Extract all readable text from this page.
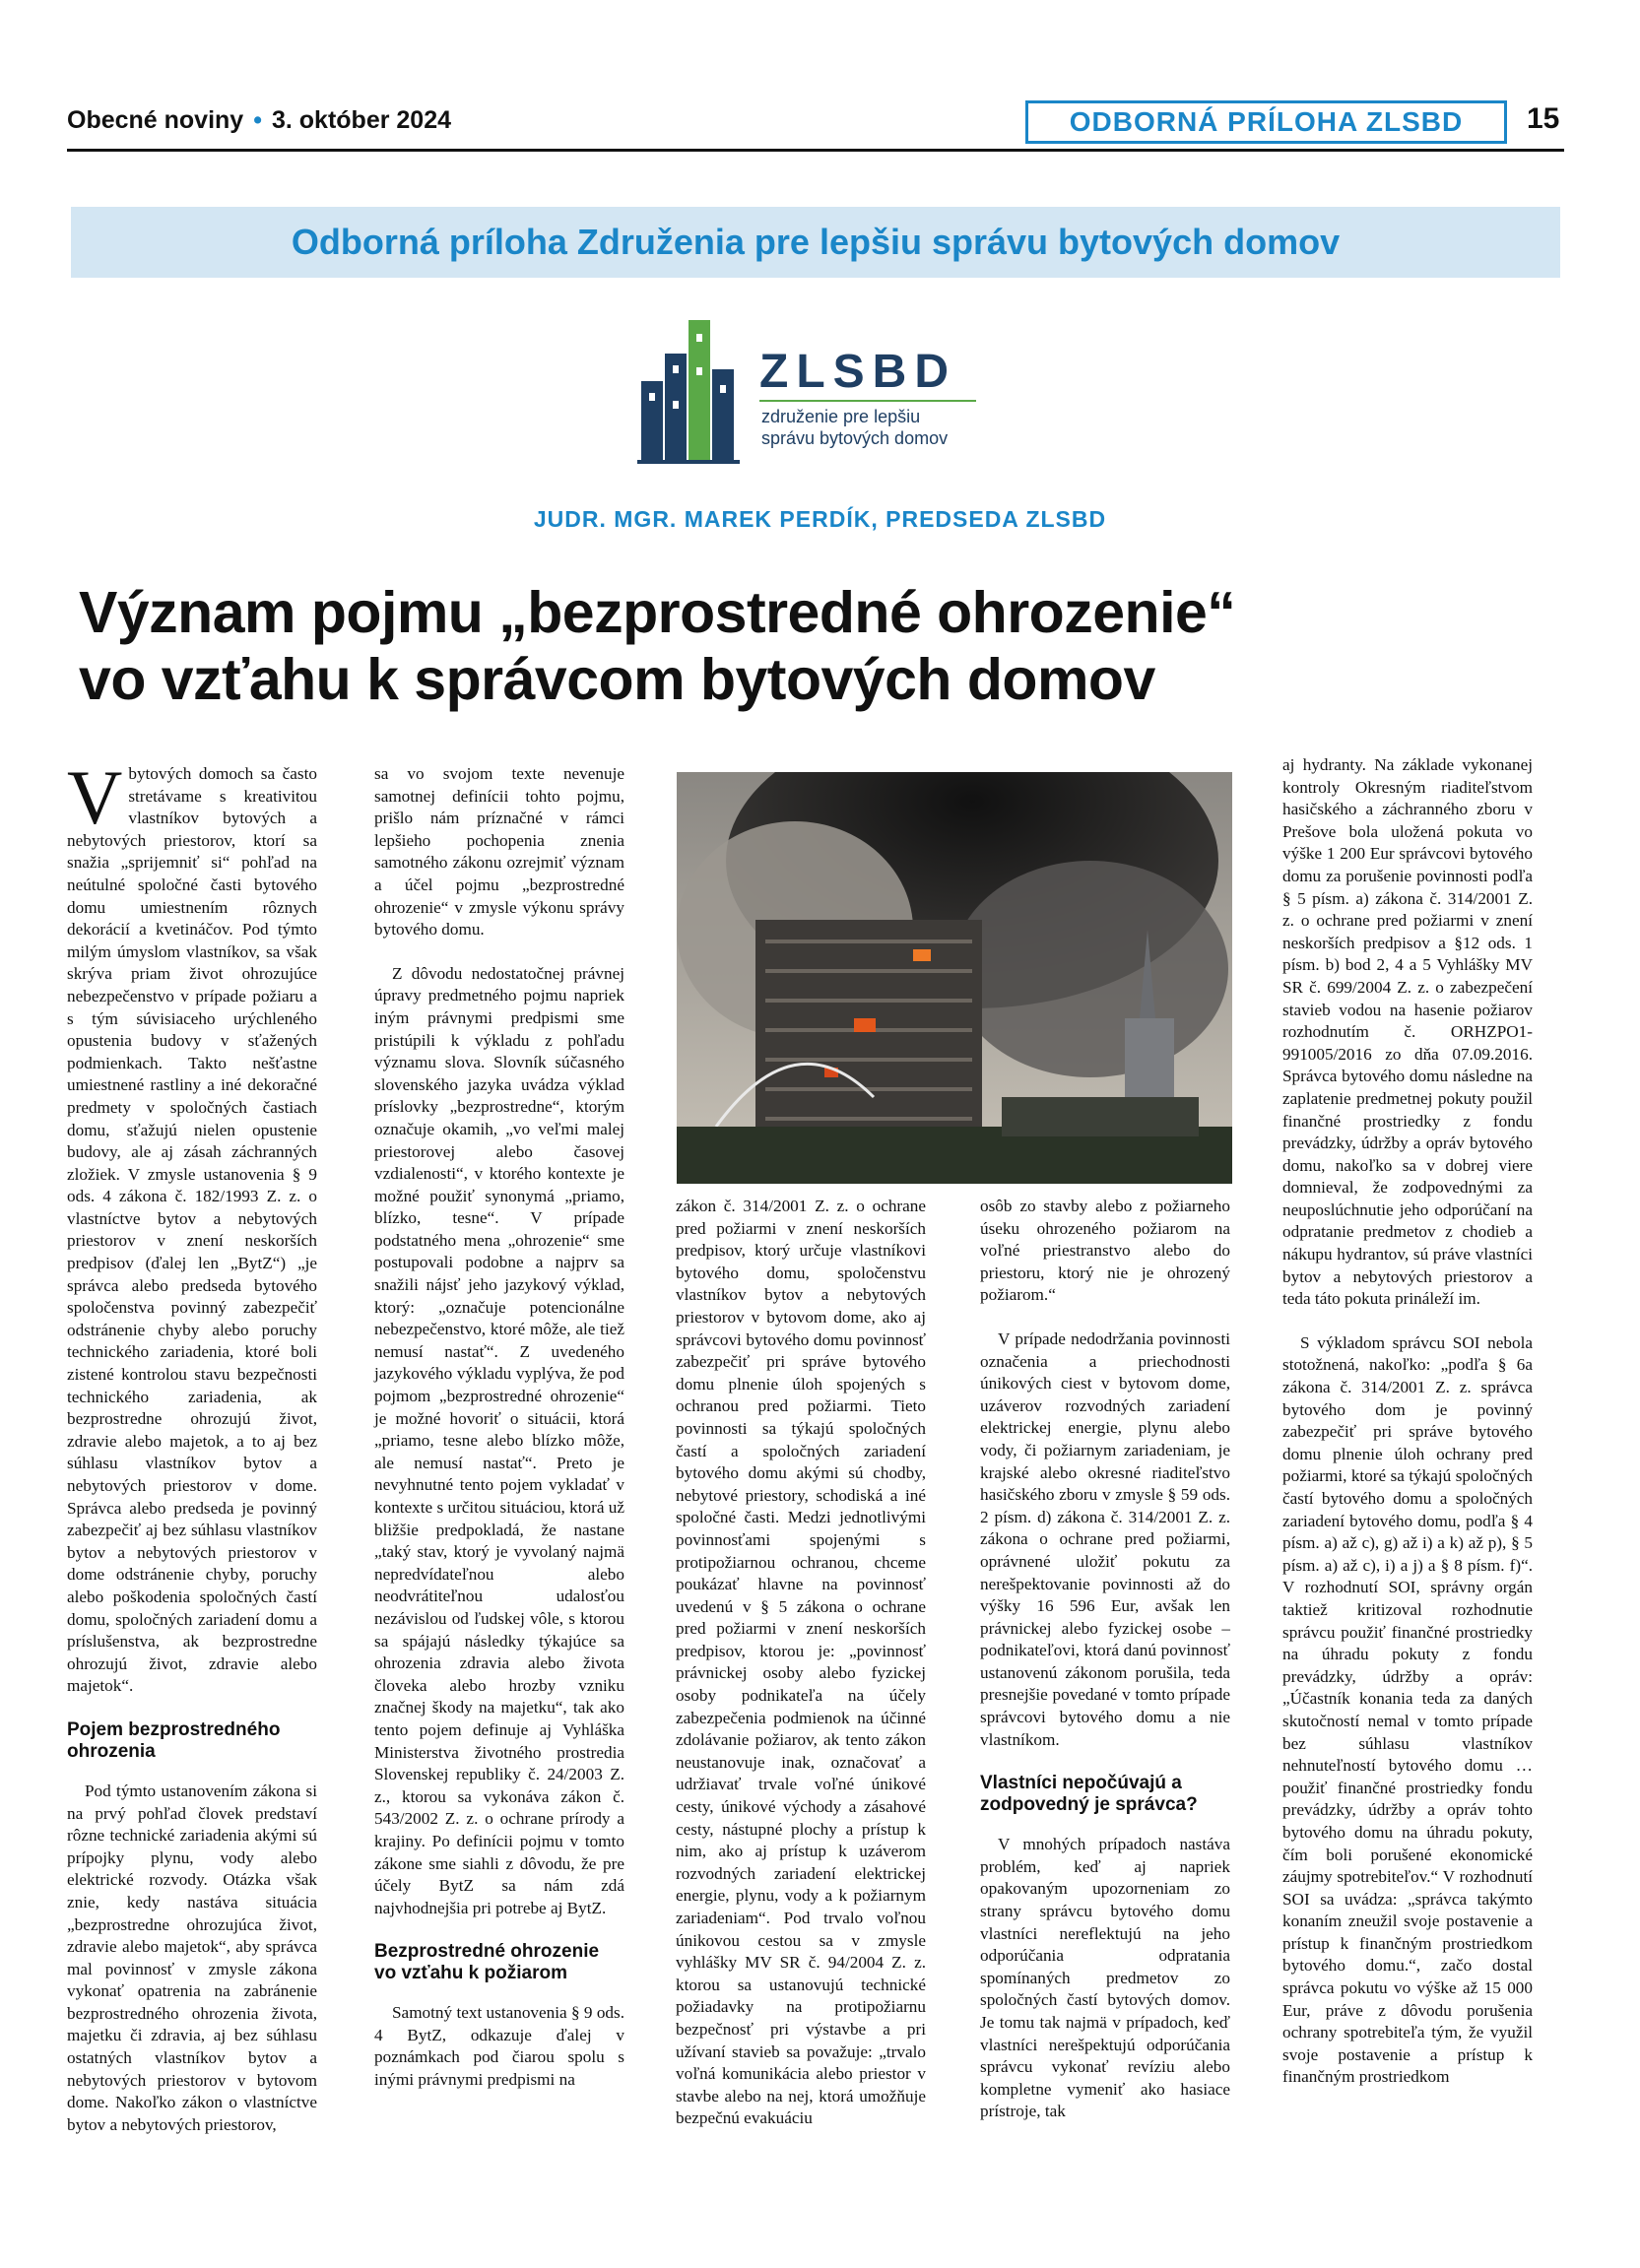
Obecné noviny • 3. október 2024	ODBORNÁ PRÍLOHA ZLSBD	15
Odborná príloha Združenia pre lepšiu správu bytových domov
ZLSBD
združenie pre lepšiu
správu bytových domov
JUDR. MGR. MAREK PERDÍK, PREDSEDA ZLSBD
Význam pojmu „bezprostredné ohrozenie“
vo vzťahu k správcom bytových domov

Vbytových domoch sa často stretávame s kreativitou vlastníkov bytových a nebytových priestorov, ktorí sa snažia „sprijemniť si“ pohľad na neútulné spoločné časti bytového domu umiestnením rôznych dekorácií a kvetináčov. Pod týmto milým úmyslom vlastníkov, sa však skrýva priam život ohrozujúce nebezpečenstvo v prípade požiaru a s tým súvisiaceho urýchleného opustenia budovy v sťažených podmienkach. Takto nešťastne umiestnené rastliny a iné dekoračné predmety v spoločných častiach domu, sťažujú nielen opustenie budovy, ale aj zásah záchranných zložiek. V zmysle ustanovenia § 9 ods. 4 zákona č. 182/1993 Z. z. o vlastníctve bytov a nebytových priestorov v znení neskorších predpisov (ďalej len „BytZ“) „je správca alebo predseda bytového spoločenstva povinný zabezpečiť odstránenie chyby alebo poruchy technického zariadenia, ktoré boli zistené kontrolou stavu bezpečnosti technického zariadenia, ak bezprostredne ohrozujú život, zdravie alebo majetok, a to aj bez súhlasu vlastníkov bytov a nebytových priestorov v dome. Správca alebo predseda je povinný zabezpečiť aj bez súhlasu vlastníkov bytov a nebytových priestorov v dome odstránenie chyby, poruchy alebo poškodenia spoločných častí domu, spoločných zariadení domu a príslušenstva, ak bezprostredne ohrozujú život, zdravie alebo majetok“.

Pojem bezprostredného ohrozenia

Pod týmto ustanovením zákona si na prvý pohľad človek predstaví rôzne technické zariadenia akými sú prípojky plynu, vody alebo elektrické rozvody. Otázka však znie, kedy nastáva situácia „bezprostredne ohrozujúca život, zdravie alebo majetok“, aby správca mal povinnosť v zmysle zákona vykonať opatrenia na zabránenie bezprostredného ohrozenia života, majetku či zdravia, aj bez súhlasu ostatných vlastníkov bytov a nebytových priestorov v bytovom dome. Nakoľko zákon o vlastníctve bytov a nebytových priestorov,

sa vo svojom texte nevenuje samotnej definícii tohto pojmu, prišlo nám príznačné v rámci lepšieho pochopenia znenia samotného zákonu ozrejmiť význam a účel pojmu „bezprostredné ohrozenie“ v zmysle výkonu správy bytového domu.

Z dôvodu nedostatočnej právnej úpravy predmetného pojmu napriek iným právnymi predpismi sme pristúpili k výkladu z pohľadu významu slova. Slovník súčasného slovenského jazyka uvádza výklad príslovky „bezprostredne“, ktorým označuje okamih, „vo veľmi malej priestorovej alebo časovej vzdialenosti“, v ktorého kontexte je možné použiť synonymá „priamo, blízko, tesne“. V prípade podstatného mena „ohrozenie“ sme postupovali podobne a najprv sa snažili nájsť jeho jazykový výklad, ktorý: „označuje potencionálne nebezpečenstvo, ktoré môže, ale tiež nemusí nastať“. Z uvedeného jazykového výkladu vyplýva, že pod pojmom „bezprostredné ohrozenie“ je možné hovoriť o situácii, ktorá „priamo, tesne alebo blízko môže, ale nemusí nastať“. Preto je nevyhnutné tento pojem vykladať v kontexte s určitou situáciou, ktorá už bližšie predpokladá, že nastane „taký stav, ktorý je vyvolaný najmä nepredvídateľnou alebo neodvrátiteľnou udalosťou nezávislou od ľudskej vôle, s ktorou sa spájajú následky týkajúce sa ohrozenia zdravia alebo života človeka alebo hrozby vzniku značnej škody na majetku“, tak ako tento pojem definuje aj Vyhláška Ministerstva životného prostredia Slovenskej republiky č. 24/2003 Z. z., ktorou sa vykonáva zákon č. 543/2002 Z. z. o ochrane prírody a krajiny. Po definícii pojmu v tomto zákone sme siahli z dôvodu, že pre účely BytZ sa nám zdá najvhodnejšia pri potrebe aj BytZ.

Bezprostredné ohrozenie vo vzťahu k požiarom

Samotný text ustanovenia § 9 ods. 4 BytZ, odkazuje ďalej v poznámkach pod čiarou spolu s inými právnymi predpismi na

zákon č. 314/2001 Z. z. o ochrane pred požiarmi v znení neskorších predpisov, ktorý určuje vlastníkovi bytového domu, spoločenstvu vlastníkov bytov a nebytových priestorov v bytovom dome, ako aj správcovi bytového domu povinnosť zabezpečiť pri správe bytového domu plnenie úloh spojených s ochranou pred požiarmi. Tieto povinnosti sa týkajú spoločných častí a spoločných zariadení bytového domu akými sú chodby, nebytové priestory, schodiská a iné spoločné časti. Medzi jednotlivými povinnosťami spojenými s protipožiarnou ochranou, chceme poukázať hlavne na povinnosť uvedenú v § 5 zákona o ochrane pred požiarmi v znení neskorších predpisov, ktorou je: „povinnosť právnickej osoby alebo fyzickej osoby podnikateľa na účely zabezpečenia podmienok na účinné zdolávanie požiarov, ak tento zákon neustanovuje inak, označovať a udržiavať trvale voľné únikové cesty, únikové východy a zásahové cesty, nástupné plochy a prístup k nim, ako aj prístup k uzáverom rozvodných zariadení elektrickej energie, plynu, vody a k požiarnym zariadeniam“. Pod trvalo voľnou únikovou cestou sa v zmysle vyhlášky MV SR č. 94/2004 Z. z. ktorou sa ustanovujú technické požiadavky na protipožiarnu bezpečnosť pri výstavbe a pri užívaní stavieb sa považuje: „trvalo voľná komunikácia alebo priestor v stavbe alebo na nej, ktorá umožňuje bezpečnú evakuáciu

osôb zo stavby alebo z požiarneho úseku ohrozeného požiarom na voľné priestranstvo alebo do priestoru, ktorý nie je ohrozený požiarom.“

V prípade nedodržania povinnosti označenia a priechodnosti únikových ciest v bytovom dome, uzáverov rozvodných zariadení elektrickej energie, plynu alebo vody, či požiarnym zariadeniam, je krajské alebo okresné riaditeľstvo hasičského zboru v zmysle § 59 ods. 2 písm. d) zákona č. 314/2001 Z. z. zákona o ochrane pred požiarmi, oprávnené uložiť pokutu za nerešpektovanie povinnosti až do výšky 16 596 Eur, avšak len právnickej alebo fyzickej osobe – podnikateľovi, ktorá danú povinnosť ustanovenú zákonom porušila, teda presnejšie povedané v tomto prípade správcovi bytového domu a nie vlastníkom.

Vlastníci nepočúvajú a zodpovedný je správca?

V mnohých prípadoch nastáva problém, keď aj napriek opakovaným upozorneniam zo strany správcu bytového domu vlastníci nereflektujú na jeho odporúčania odpratania spomínaných predmetov zo spoločných častí bytových domov. Je tomu tak najmä v prípadoch, keď vlastníci nerešpektujú odporúčania správcu vykonať revíziu alebo kompletne vymeniť ako hasiace prístroje, tak

aj hydranty. Na základe vykonanej kontroly Okresným riaditeľstvom hasičského a záchranného zboru v Prešove bola uložená pokuta vo výške 1 200 Eur správcovi bytového domu za porušenie povinnosti podľa § 5 písm. a) zákona č. 314/2001 Z. z. o ochrane pred požiarmi v znení neskorších predpisov a §12 ods. 1 písm. b) bod 2, 4 a 5 Vyhlášky MV SR č. 699/2004 Z. z. o zabezpečení stavieb vodou na hasenie požiarov rozhodnutím č. ORHZPO1-991005/2016 zo dňa 07.09.2016. Správca bytového domu následne na zaplatenie predmetnej pokuty použil finančné prostriedky z fondu prevádzky, údržby a opráv bytového domu, nakoľko sa v dobrej viere domnieval, že zodpovednými za neuposlúchnutie jeho odporúčaní na odpratanie predmetov z chodieb a nákupu hydrantov, sú práve vlastníci bytov a nebytových priestorov a teda táto pokuta prináleží im.

S výkladom správcu SOI nebola stotožnená, nakoľko: „podľa § 6a zákona č. 314/2001 Z. z. správca bytového dom je povinný zabezpečiť pri správe bytového domu plnenie úloh ochrany pred požiarmi, ktoré sa týkajú spoločných častí bytového domu a spoločných zariadení bytového domu, podľa § 4 písm. a) až c), g) až i) a k) až p), § 5 písm. a) až c), i) a j) a § 8 písm. f)“. V rozhodnutí SOI, správny orgán taktiež kritizoval rozhodnutie správcu použiť finančné prostriedky na úhradu pokuty z fondu prevádzky, údržby a opráv: „Účastník konania teda za daných skutočností nemal v tomto prípade bez súhlasu vlastníkov nehnuteľností bytového domu … použiť finančné prostriedky fondu prevádzky, údržby a opráv tohto bytového domu na úhradu pokuty, čím boli porušené ekonomické záujmy spotrebiteľov.“ V rozhodnutí SOI sa uvádza: „správca takýmto konaním zneužil svoje postavenie a prístup k finančným prostriedkom bytového domu.“, začo dostal správca pokutu vo výške až 15 000 Eur, práve z dôvodu porušenia ochrany spotrebiteľa tým, že využil svoje postavenie a prístup k finančným prostriedkom
